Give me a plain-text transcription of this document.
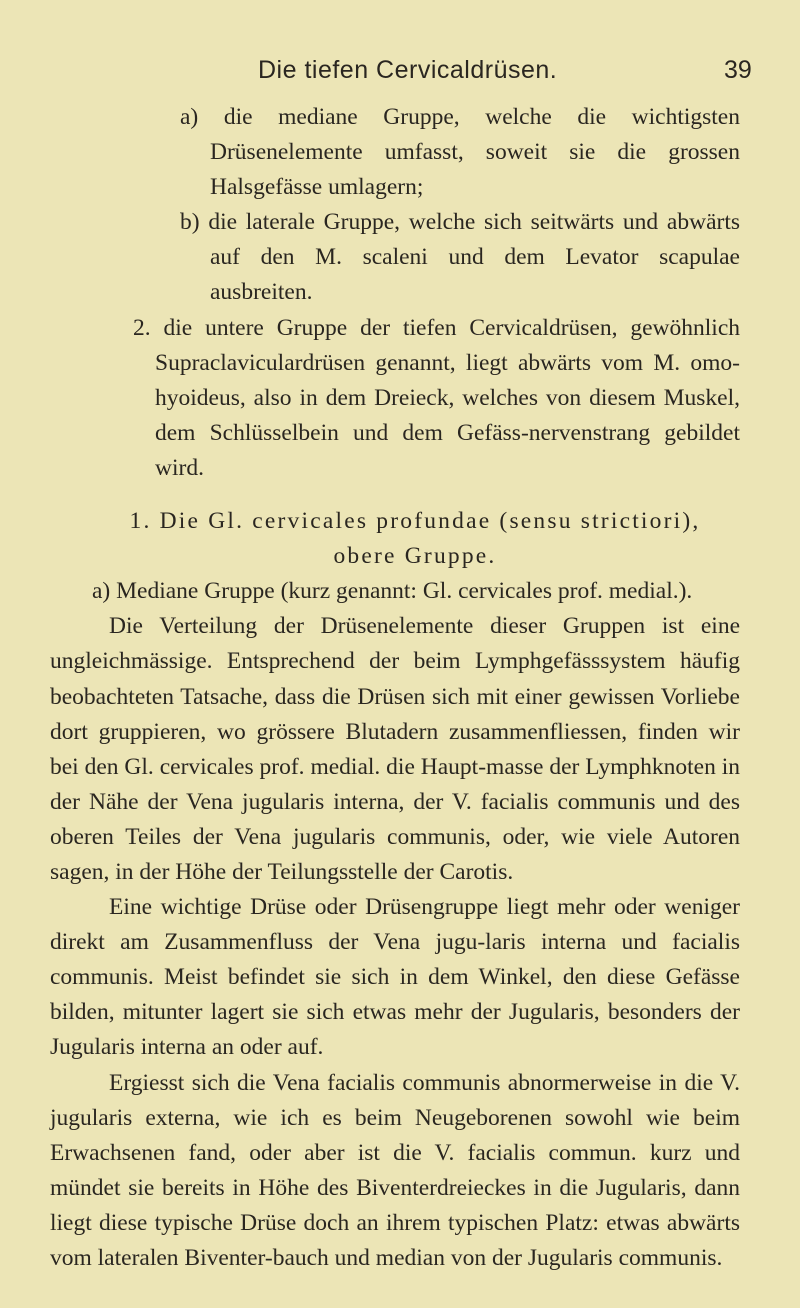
Die tiefen Cervicaldrüsen.	39

a) die mediane Gruppe, welche die wichtigsten Drüsenelemente umfasst, soweit sie die grossen Halsgefässe umlagern;

b) die laterale Gruppe, welche sich seitwärts und abwärts auf den M. scaleni und dem Levator scapulae ausbreiten.

2. die untere Gruppe der tiefen Cervicaldrüsen, gewöhnlich Supraclaviculardrüsen genannt, liegt abwärts vom M. omo-hyoideus, also in dem Dreieck, welches von diesem Muskel, dem Schlüsselbein und dem Gefäss-nervenstrang gebildet wird.

1. Die Gl. cervicales profundae (sensu strictiori),

obere Gruppe.

a) Mediane Gruppe (kurz genannt: Gl. cervicales prof. medial.).

Die Verteilung der Drüsenelemente dieser Gruppen ist eine ungleichmässige. Entsprechend der beim Lymphgefässsystem häufig beobachteten Tatsache, dass die Drüsen sich mit einer gewissen Vorliebe dort gruppieren, wo grössere Blutadern zusammenfliessen, finden wir bei den Gl. cervicales prof. medial. die Haupt-masse der Lymphknoten in der Nähe der Vena jugularis interna, der V. facialis communis und des oberen Teiles der Vena jugularis communis, oder, wie viele Autoren sagen, in der Höhe der Teilungsstelle der Carotis.

Eine wichtige Drüse oder Drüsengruppe liegt mehr oder weniger direkt am Zusammenfluss der Vena jugu-laris interna und facialis communis. Meist befindet sie sich in dem Winkel, den diese Gefässe bilden, mitunter lagert sie sich etwas mehr der Jugularis, besonders der Jugularis interna an oder auf.

Ergiesst sich die Vena facialis communis abnormerweise in die V. jugularis externa, wie ich es beim Neugeborenen sowohl wie beim Erwachsenen fand, oder aber ist die V. facialis commun. kurz und mündet sie bereits in Höhe des Biventerdreieckes in die Jugularis, dann liegt diese typische Drüse doch an ihrem typischen Platz: etwas abwärts vom lateralen Biventer-bauch und median von der Jugularis communis.
